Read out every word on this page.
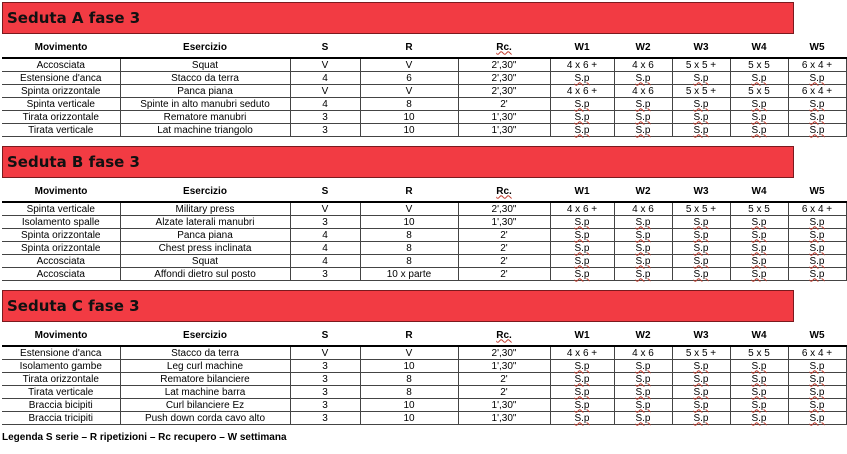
Seduta A fase 3
Movimento	Esercizio	S	R	Rc.	W1	W2	W3	W4	W5
Accosciata	Squat	V	V	2',30"	4 x 6 +	4 x 6	5 x 5 +	5 x 5	6 x 4 +
Estensione d'anca	Stacco da terra	4	6	2',30"	S.p	S.p	S.p	S.p	S.p
Spinta orizzontale	Panca piana	V	V	2',30"	4 x 6 +	4 x 6	5 x 5 +	5 x 5	6 x 4 +
Spinta verticale	Spinte in alto manubri seduto	4	8	2'	S.p	S.p	S.p	S.p	S.p
Tirata orizzontale	Rematore manubri	3	10	1',30"	S.p	S.p	S.p	S.p	S.p
Tirata verticale	Lat machine triangolo	3	10	1',30"	S.p	S.p	S.p	S.p	S.p
Seduta B fase 3
Movimento	Esercizio	S	R	Rc.	W1	W2	W3	W4	W5
Spinta verticale	Military press	V	V	2',30"	4 x 6 +	4 x 6	5 x 5 +	5 x 5	6 x 4 +
Isolamento spalle	Alzate laterali manubri	3	10	1',30"	S.p	S.p	S.p	S.p	S.p
Spinta orizzontale	Panca piana	4	8	2'	S.p	S.p	S.p	S.p	S.p
Spinta orizzontale	Chest press inclinata	4	8	2'	S.p	S.p	S.p	S.p	S.p
Accosciata	Squat	4	8	2'	S.p	S.p	S.p	S.p	S.p
Accosciata	Affondi dietro sul posto	3	10 x parte	2'	S.p	S.p	S.p	S.p	S.p
Seduta C fase 3
Movimento	Esercizio	S	R	Rc.	W1	W2	W3	W4	W5
Estensione d'anca	Stacco da terra	V	V	2',30"	4 x 6 +	4 x 6	5 x 5 +	5 x 5	6 x 4 +
Isolamento gambe	Leg curl machine	3	10	1',30"	S.p	S.p	S.p	S.p	S.p
Tirata orizzontale	Rematore bilanciere	3	8	2'	S.p	S.p	S.p	S.p	S.p
Tirata verticale	Lat machine barra	3	8	2'	S.p	S.p	S.p	S.p	S.p
Braccia bicipiti	Curl bilanciere Ez	3	10	1',30"	S.p	S.p	S.p	S.p	S.p
Braccia tricipiti	Push down corda cavo alto	3	10	1',30"	S.p	S.p	S.p	S.p	S.p
Legenda S serie – R ripetizioni – Rc recupero – W settimana
